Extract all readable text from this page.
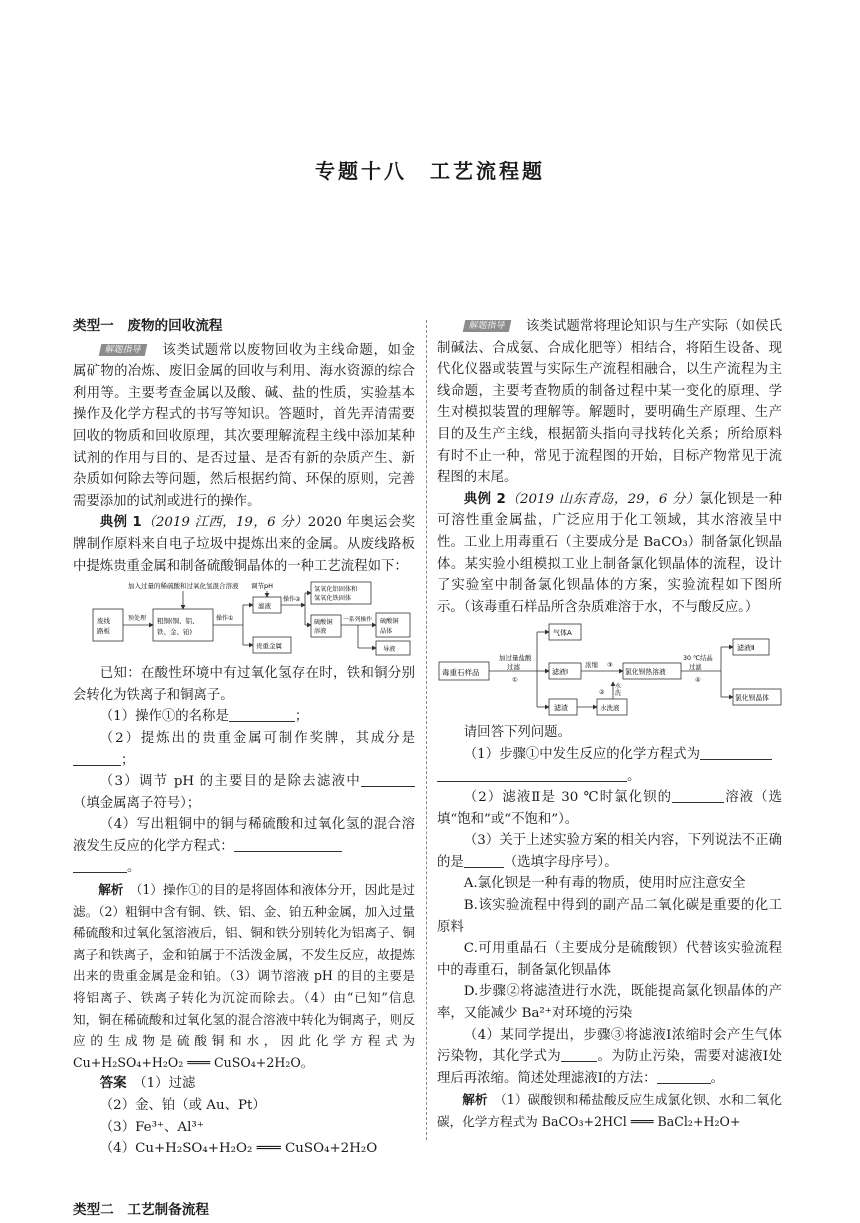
专题十八　工艺流程题

类型一　废物的回收流程

解题指导 该类试题常以废物回收为主线命题，如金属矿物的冶炼、废旧金属的回收与利用、海水资源的综合利用等。主要考查金属以及酸、碱、盐的性质，实验基本操作及化学方程式的书写等知识。答题时，首先弄清需要回收的物质和回收原理，其次要理解流程主线中添加某种试剂的作用与目的、是否过量、是否有新的杂质产生、新杂质如何除去等问题，然后根据约简、环保的原则，完善需要添加的试剂或进行的操作。

典例 1（2019 江西，19，6 分）2020 年奥运会奖牌制作原料来自电子垃圾中提炼出来的金属。从废线路板中提炼贵重金属和制备硫酸铜晶体的一种工艺流程如下：

加入过量的稀硫酸和过氧化氢混合溶液 调节pH
废线
路板
预处理 粗铜(铜、铝、
铁、金、铂)
操作①
滤液
贵重金属
操作②
氢氧化铝固体和
氢氧化铁固体
硫酸铜
溶液
一系列操作 硫酸铜
晶体
导液

已知：在酸性环境中有过氧化氢存在时，铁和铜分别会转化为铁离子和铜离子。

（1）操作①的名称是	；

（2）提炼出的贵重金属可制作奖牌，其成分是；

（3）调节 pH 的主要目的是除去滤液中（填金属离子符号）；

（4）写出粗铜中的铜与稀硫酸和过氧化氢的混合溶液发生反应的化学方程式：
。

解析　 （1）操作①的目的是将固体和液体分开，因此是过滤。（2）粗铜中含有铜、铁、铝、金、铂五种金属，加入过量稀硫酸和过氧化氢溶液后，铝、铜和铁分别转化为铝离子、铜离子和铁离子，金和铂属于不活泼金属，不发生反应，故提炼出来的贵重金属是金和铂。（3）调节溶液 pH 的目的主要是将铝离子、铁离子转化为沉淀而除去。（4）由“已知”信息知，铜在稀硫酸和过氧化氢的混合溶液中转化为铜离子，则反应的生成物是硫酸铜和水，因此化学方程式为 Cu+H₂SO₄+H₂O₂ ═══ CuSO₄+2H₂O。

答案　 （1）过滤

（2）金、铂（或 Au、Pt）

（3）Fe³⁺、Al³⁺

（4）Cu+H₂SO₄+H₂O₂ ═══ CuSO₄+2H₂O

类型二　工艺制备流程

解题指导 该类试题常将理论知识与生产实际（如侯氏制碱法、合成氨、合成化肥等）相结合，将陌生设备、现代化仪器或装置与实际生产流程相融合，以生产流程为主线命题，主要考查物质的制备过程中某一变化的原理、学生对模拟装置的理解等。解题时，要明确生产原理、生产目的及生产主线，根据箭头指向寻找转化关系；所给原料有时不止一种，常见于流程图的开始，目标产物常见于流程图的末尾。

典例 2（2019 山东青岛，29，6 分）氯化钡是一种可溶性重金属盐，广泛应用于化工领域，其水溶液呈中性。工业上用毒重石（主要成分是 BaCO₃）制备氯化钡晶体。某实验小组模拟工业上制备氯化钡晶体的流程，设计了实验室中制备氯化钡晶体的方案，实验流程如下图所示。（该毒重石样品所含杂质难溶于水，不与酸反应。）

毒重石样品
加过量盐酸
过滤
①
气体A
滤液Ⅰ
滤渣	水洗液
水
洗
②
浓缩 ③
氯化钡热溶液
30 ℃结晶
过滤
④
滤液Ⅱ
氯化钡晶体

请回答下列问题。

（1）步骤①中发生反应的化学方程式为
。

（2）滤液Ⅱ是 30 ℃时氯化钡的	溶液（选填“饱和”或“不饱和”）。

（3）关于上述实验方案的相关内容，下列说法不正确的是	（选填字母序号）。

A.氯化钡是一种有毒的物质，使用时应注意安全

B.该实验流程中得到的副产品二氧化碳是重要的化工原料

C.可用重晶石（主要成分是硫酸钡）代替该实验流程中的毒重石，制备氯化钡晶体

D.步骤②将滤渣进行水洗，既能提高氯化钡晶体的产率，又能减少 Ba²⁺对环境的污染

（4）某同学提出，步骤③将滤液Ⅰ浓缩时会产生气体污染物，其化学式为	。为防止污染，需要对滤液Ⅰ处理后再浓缩。简述处理滤液Ⅰ的方法：	。

解析　 （1）碳酸钡和稀盐酸反应生成氯化钡、水和二氧化碳，化学方程式为 BaCO₃+2HCl ═══ BaCl₂+H₂O+
